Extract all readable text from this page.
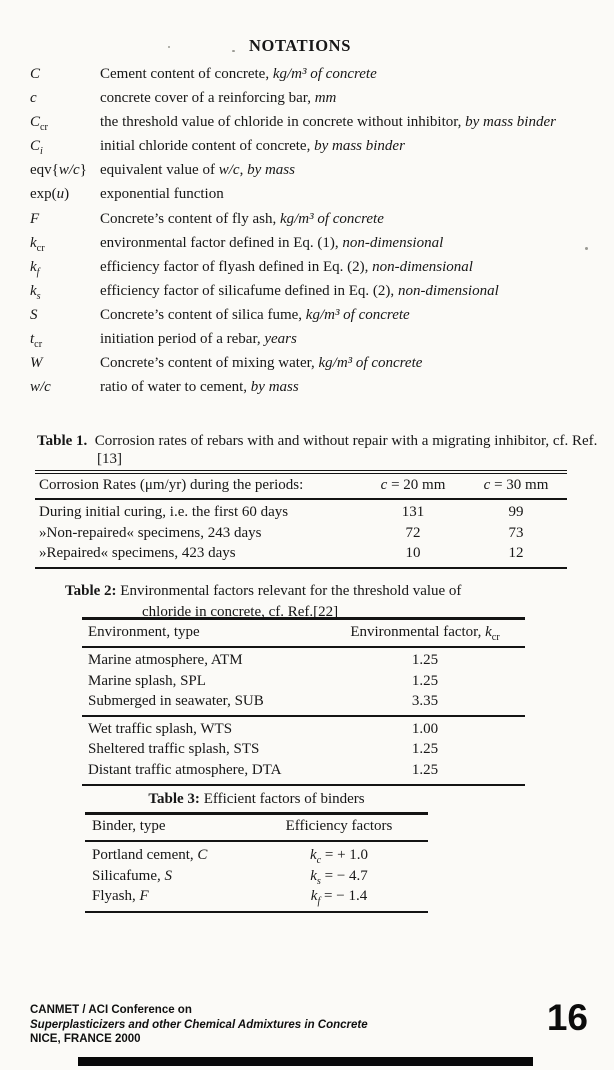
NOTATIONS
C	Cement content of concrete, kg/m³ of concrete
c	concrete cover of a reinforcing bar, mm
$C_{cr}$	the threshold value of chloride in concrete without inhibitor, by mass binder
$C_i$	initial chloride content of concrete, by mass binder
eqv{w/c} equivalent value of w/c, by mass
exp(u)	exponential function
F	Concrete’s content of fly ash, kg/m³ of concrete
$k_{cr}$	environmental factor defined in Eq. (1), non-dimensional
$k_f$	efficiency factor of flyash defined in Eq. (2), non-dimensional
$k_s$	efficiency factor of silicafume defined in Eq. (2), non-dimensional
S	Concrete’s content of silica fume, kg/m³ of concrete
$t_{cr}$	initiation period of a rebar, years
W	Concrete’s content of mixing water, kg/m³ of concrete
w/c	ratio of water to cement, by mass
Table 1. Corrosion rates of rebars with and without repair with a migrating inhibitor, cf. Ref. [13]
Corrosion Rates (μm/yr) during the periods:	c = 20 mm	c = 30 mm
During initial curing, i.e. the first 60 days	131	99
»Non-repaired« specimens, 243 days	72	73
»Repaired« specimens, 423 days	10	12
Table 2: Environmental factors relevant for the threshold value of
chloride in concrete, cf. Ref.[22]
Environment, type	Environmental factor, $k_{cr}$
Marine atmosphere, ATM	1.25
Marine splash, SPL	1.25
Submerged in seawater, SUB	3.35
Wet traffic splash, WTS	1.00
Sheltered traffic splash, STS	1.25
Distant traffic atmosphere, DTA	1.25
Table 3: Efficient factors of binders
Binder, type	Efficiency factors
Portland cement, C	$k_c$ = + 1.0
Silicafume, S	$k_s$ = − 4.7
Flyash, F	$k_f$ = − 1.4
CANMET / ACI Conference on
Superplasticizers and other Chemical Admixtures in Concrete
NICE, FRANCE 2000
16
